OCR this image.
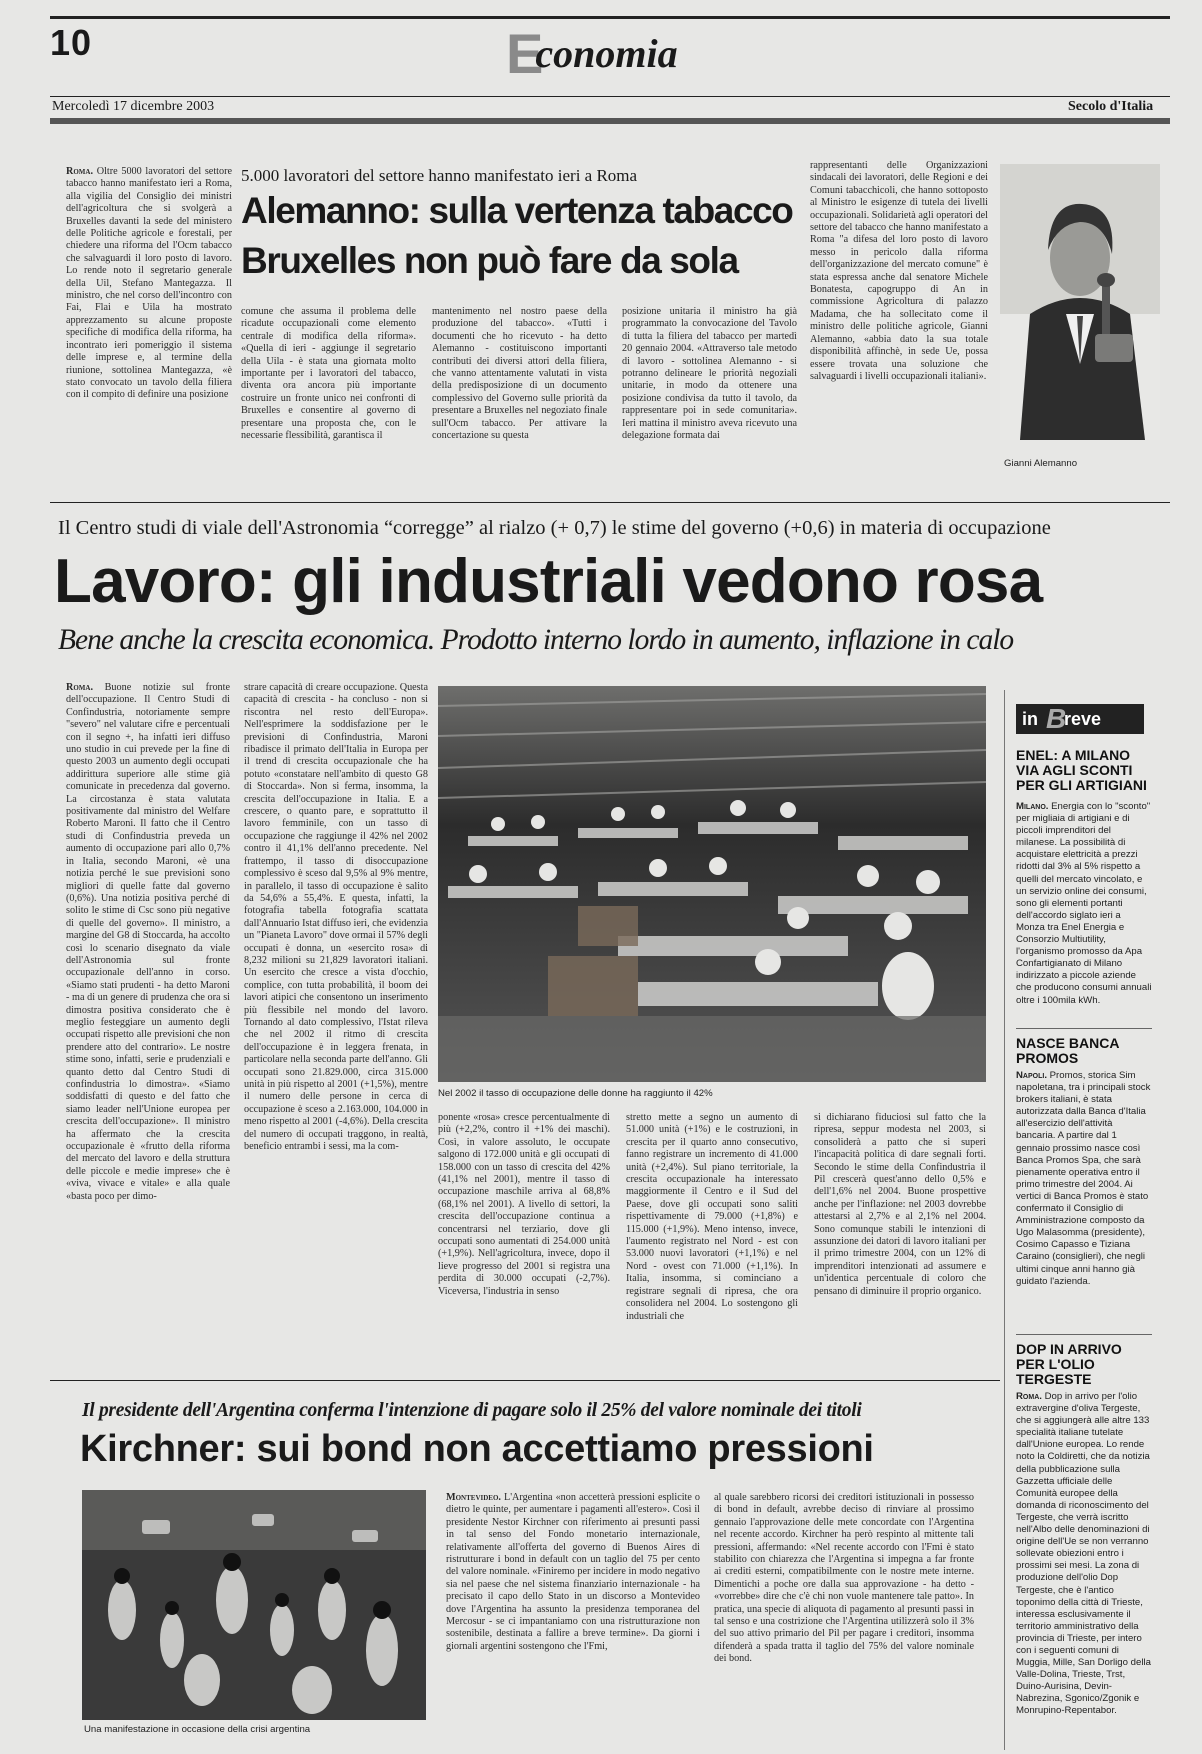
10	Economia
Mercoledì 17 dicembre 2003	Secolo d'Italia
Roma. Oltre 5000 lavoratori del settore tabacco hanno manifestato ieri a Roma, alla vigilia del Consiglio dei ministri dell'agricoltura che si svolgerà a Bruxelles davanti la sede del ministero delle Politiche agricole e forestali, per chiedere una riforma del l'Ocm tabacco che salvaguardi il loro posto di lavoro. Lo rende noto il segretario generale della Uil, Stefano Mantegazza. Il ministro, che nel corso dell'incontro con Fai, Flai e Uila ha mostrato apprezzamento su alcune proposte specifiche di modifica della riforma, ha incontrato ieri pomeriggio il sistema delle imprese e, al termine della riunione, sottolinea Mantegazza, «è stato convocato un tavolo della filiera con il compito di definire una posizione
5.000 lavoratori del settore hanno manifestato ieri a Roma
Alemanno: sulla vertenza tabacco
Bruxelles non può fare da sola
comune che assuma il problema delle ricadute occupazionali come elemento centrale di modifica della riforma». «Quella di ieri - aggiunge il segretario della Uila - è stata una giornata molto importante per i lavoratori del tabacco, diventa ora ancora più importante costruire un fronte unico nei confronti di Bruxelles e consentire al governo di presentare una proposta che, con le necessarie flessibilità, garantisca il
mantenimento nel nostro paese della produzione del tabacco». «Tutti i documenti che ho ricevuto - ha detto Alemanno - costituiscono importanti contributi dei diversi attori della filiera, che vanno attentamente valutati in vista della predisposizione di un documento complessivo del Governo sulle priorità da presentare a Bruxelles nel negoziato finale sull'Ocm tabacco. Per attivare la concertazione su questa
posizione unitaria il ministro ha già programmato la convocazione del Tavolo di tutta la filiera del tabacco per martedì 20 gennaio 2004. «Attraverso tale metodo di lavoro - sottolinea Alemanno - si potranno delineare le priorità negoziali unitarie, in modo da ottenere una posizione condivisa da tutto il tavolo, da rappresentare poi in sede comunitaria». Ieri mattina il ministro aveva ricevuto una delegazione formata dai
rappresentanti delle Organizzazioni sindacali dei lavoratori, delle Regioni e dei Comuni tabacchicoli, che hanno sottoposto al Ministro le esigenze di tutela dei livelli occupazionali. Solidarietà agli operatori del settore del tabacco che hanno manifestato a Roma "a difesa del loro posto di lavoro messo in pericolo dalla riforma dell'organizzazione del mercato comune" è stata espressa anche dal senatore Michele Bonatesta, capogruppo di An in commissione Agricoltura di palazzo Madama, che ha sollecitato come il ministro delle politiche agricole, Gianni Alemanno, «abbia dato la sua totale disponibilità affinchè, in sede Ue, possa essere trovata una soluzione che salvaguardi i livelli occupazionali italiani».
Gianni Alemanno
Il Centro studi di viale dell'Astronomia “corregge” al rialzo (+ 0,7) le stime del governo (+0,6) in materia di occupazione
Lavoro: gli industriali vedono rosa
Bene anche la crescita economica. Prodotto interno lordo in aumento, inflazione in calo
Roma. Buone notizie sul fronte dell'occupazione. Il Centro Studi di Confindustria, notoriamente sempre "severo" nel valutare cifre e percentuali con il segno +, ha infatti ieri diffuso uno studio in cui prevede per la fine di questo 2003 un aumento degli occupati addirittura superiore alle stime già comunicate in precedenza dal governo. La circostanza è stata valutata positivamente dal ministro del Welfare Roberto Maroni. Il fatto che il Centro studi di Confindustria preveda un aumento di occupazione pari allo 0,7% in Italia, secondo Maroni, «è una notizia perché le sue previsioni sono migliori di quelle fatte dal governo (0,6%). Una notizia positiva perché di solito le stime di Csc sono più negative di quelle del governo». Il ministro, a margine del G8 di Stoccarda, ha accolto così lo scenario disegnato da viale dell'Astronomia sul fronte occupazionale dell'anno in corso. «Siamo stati prudenti - ha detto Maroni - ma di un genere di prudenza che ora si dimostra positiva considerato che è meglio festeggiare un aumento degli occupati rispetto alle previsioni che non prendere atto del contrario». Le nostre stime sono, infatti, serie e prudenziali e quanto detto dal Centro Studi di confindustria lo dimostra». «Siamo soddisfatti di questo e del fatto che siamo leader nell'Unione europea per crescita dell'occupazione». Il ministro ha affermato che la crescita occupazionale è «frutto della riforma del mercato del lavoro e della struttura delle piccole e medie imprese» che è «viva, vivace e vitale» e alla quale «basta poco per dimo-
strare capacità di creare occupazione. Questa capacità di crescita - ha concluso - non si riscontra nel resto dell'Europa». Nell'esprimere la soddisfazione per le previsioni di Confindustria, Maroni ribadisce il primato dell'Italia in Europa per il trend di crescita occupazionale che ha potuto «constatare nell'ambito di questo G8 di Stoccarda». Non si ferma, insomma, la crescita dell'occupazione in Italia. E a crescere, o quanto pare, e soprattutto il lavoro femminile, con un tasso di occupazione che raggiunge il 42% nel 2002 contro il 41,1% dell'anno precedente. Nel frattempo, il tasso di disoccupazione complessivo è sceso dal 9,5% al 9% mentre, in parallelo, il tasso di occupazione è salito da 54,6% a 55,4%. E questa, infatti, la fotografia tabella fotografia scattata dall'Annuario Istat diffuso ieri, che evidenzia un "Pianeta Lavoro" dove ormai il 57% degli occupati è donna, un «esercito rosa» di 8,232 milioni su 21,829 lavoratori italiani. Un esercito che cresce a vista d'occhio, complice, con tutta probabilità, il boom dei lavori atipici che consentono un inserimento più flessibile nel mondo del lavoro. Tornando al dato complessivo, l'Istat rileva che nel 2002 il ritmo di crescita dell'occupazione è in leggera frenata, in particolare nella seconda parte dell'anno. Gli occupati sono 21.829.000, circa 315.000 unità in più rispetto al 2001 (+1,5%), mentre il numero delle persone in cerca di occupazione è sceso a 2.163.000, 104.000 in meno rispetto al 2001 (-4,6%). Della crescita del numero di occupati traggono, in realtà, beneficio entrambi i sessi, ma la com-
Nel 2002 il tasso di occupazione delle donne ha raggiunto il 42%
ponente «rosa» cresce percentualmente di più (+2,2%, contro il +1% dei maschi). Così, in valore assoluto, le occupate salgono di 172.000 unità e gli occupati di 158.000 con un tasso di crescita del 42% (41,1% nel 2001), mentre il tasso di occupazione maschile arriva al 68,8% (68,1% nel 2001). A livello di settori, la crescita dell'occupazione continua a concentrarsi nel terziario, dove gli occupati sono aumentati di 254.000 unità (+1,9%). Nell'agricoltura, invece, dopo il lieve progresso del 2001 si registra una perdita di 30.000 occupati (-2,7%). Viceversa, l'industria in senso
stretto mette a segno un aumento di 51.000 unità (+1%) e le costruzioni, in crescita per il quarto anno consecutivo, fanno registrare un incremento di 41.000 unità (+2,4%). Sul piano territoriale, la crescita occupazionale ha interessato maggiormente il Centro e il Sud del Paese, dove gli occupati sono saliti rispettivamente di 79.000 (+1,8%) e 115.000 (+1,9%). Meno intenso, invece, l'aumento registrato nel Nord - est con 53.000 nuovi lavoratori (+1,1%) e nel Nord - ovest con 71.000 (+1,1%). In Italia, insomma, si cominciano a registrare segnali di ripresa, che ora consolidera nel 2004. Lo sostengono gli industriali che
si dichiarano fiduciosi sul fatto che la ripresa, seppur modesta nel 2003, si consoliderà a patto che si superi l'incapacità politica di dare segnali forti. Secondo le stime della Confindustria il Pil crescerà quest'anno dello 0,5% e dell'1,6% nel 2004. Buone prospettive anche per l'inflazione: nel 2003 dovrebbe attestarsi al 2,7% e al 2,1% nel 2004. Sono comunque stabili le intenzioni di assunzione dei datori di lavoro italiani per il primo trimestre 2004, con un 12% di imprenditori intenzionati ad assumere e un'identica percentuale di coloro che pensano di diminuire il proprio organico.
in B
reve
ENEL: A MILANO VIA AGLI SCONTI PER GLI ARTIGIANI
Milano. Energia con lo "sconto" per migliaia di artigiani e di piccoli imprenditori del milanese. La possibilità di acquistare elettricità a prezzi ridotti dal 3% al 5% rispetto a quelli del mercato vincolato, e un servizio online dei consumi, sono gli elementi portanti dell'accordo siglato ieri a Monza tra Enel Energia e Consorzio Multiutility, l'organismo promosso da Apa Confartigianato di Milano indirizzato a piccole aziende che producono consumi annuali oltre i 100mila kWh.
NASCE BANCA PROMOS
Napoli. Promos, storica Sim napoletana, tra i principali stock brokers italiani, è stata autorizzata dalla Banca d'Italia all'esercizio dell'attività bancaria. A partire dal 1 gennaio prossimo nasce così Banca Promos Spa, che sarà pienamente operativa entro il primo trimestre del 2004. Ai vertici di Banca Promos è stato confermato il Consiglio di Amministrazione composto da Ugo Malasomma (presidente), Cosimo Capasso e Tiziana Caraino (consiglieri), che negli ultimi cinque anni hanno già guidato l'azienda.
DOP IN ARRIVO PER L'OLIO TERGESTE
Roma. Dop in arrivo per l'olio extravergine d'oliva Tergeste, che si aggiungerà alle altre 133 specialità italiane tutelate dall'Unione europea. Lo rende noto la Coldiretti, che da notizia della pubblicazione sulla Gazzetta ufficiale delle Comunità europee della domanda di riconoscimento del Tergeste, che verrà iscritto nell'Albo delle denominazioni di origine dell'Ue se non verranno sollevate obiezioni entro i prossimi sei mesi. La zona di produzione dell'olio Dop Tergeste, che è l'antico toponimo della città di Trieste, interessa esclusivamente il territorio amministrativo della provincia di Trieste, per intero con i seguenti comuni di Muggia, Mille, San Dorligo della Valle-Dolina, Trieste, Trst, Duino-Aurisina, Devin-Nabrezina, Sgonico/Zgonik e Monrupino-Repentabor.
Il presidente dell'Argentina conferma l'intenzione di pagare solo il 25% del valore nominale dei titoli
Kirchner: sui bond non accettiamo pressioni
Una manifestazione in occasione della crisi argentina
Montevideo. L'Argentina «non accetterà pressioni esplicite o dietro le quinte, per aumentare i pagamenti all'estero». Così il presidente Nestor Kirchner con riferimento ai presunti passi in tal senso del Fondo monetario internazionale, relativamente all'offerta del governo di Buenos Aires di ristrutturare i bond in default con un taglio del 75 per cento del valore nominale. «Finiremo per incidere in modo negativo sia nel paese che nel sistema finanziario internazionale - ha precisato il capo dello Stato in un discorso a Montevideo dove l'Argentina ha assunto la presidenza temporanea del Mercosur - se ci impantaniamo con una ristrutturazione non sostenibile, destinata a fallire a breve termine». Da giorni i giornali argentini sostengono che l'Fmi,
al quale sarebbero ricorsi dei creditori istituzionali in possesso di bond in default, avrebbe deciso di rinviare al prossimo gennaio l'approvazione delle mete concordate con l'Argentina nel recente accordo. Kirchner ha però respinto al mittente tali pressioni, affermando: «Nel recente accordo con l'Fmi è stato stabilito con chiarezza che l'Argentina si impegna a far fronte ai crediti esterni, compatibilmente con le nostre mete interne. Dimentichi a poche ore dalla sua approvazione - ha detto - «vorrebbe» dire che c'è chi non vuole mantenere tale patto». In pratica, una specie di aliquota di pagamento al presunti passi in tal senso e una costrizione che l'Argentina utilizzerà solo il 3% del suo attivo primario del Pil per pagare i creditori, insomma difenderà a spada tratta il taglio del 75% del valore nominale dei bond.
